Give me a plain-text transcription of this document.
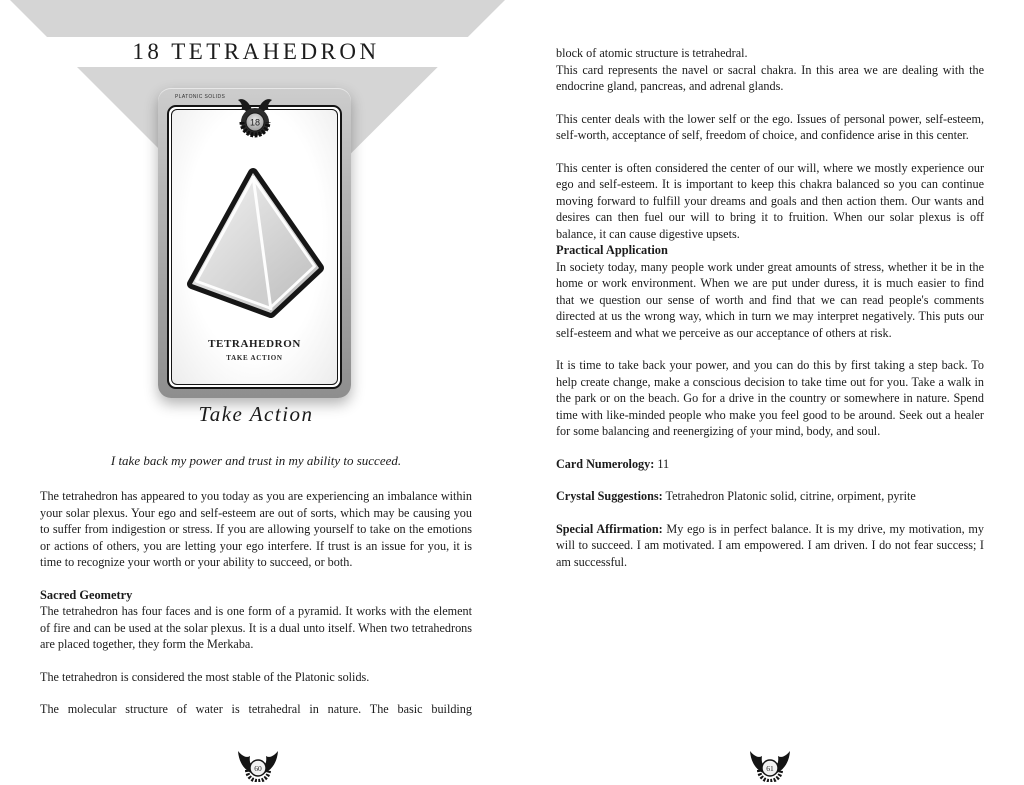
18 TETRAHEDRON
PLATONIC SOLIDS
TETRAHEDRON
TAKE ACTION
18
Take Action

I take back my power and trust in my ability to succeed.

The tetrahedron has appeared to you today as you are experiencing an imbalance within your solar plexus. Your ego and self-esteem are out of sorts, which may be causing you to suffer from indigestion or stress. If you are allowing yourself to take on the emotions or actions of others, you are letting your ego interfere. If trust is an issue for you, it is time to recognize your worth or your ability to succeed, or both.

Sacred Geometry

The tetrahedron has four faces and is one form of a pyramid. It works with the element of fire and can be used at the solar plexus. It is a dual unto itself. When two tetrahedrons are placed together, they form the Merkaba.

The tetrahedron is considered the most stable of the Platonic solids.

The molecular structure of water is tetrahedral in nature. The basic building

60

block of atomic structure is tetrahedral.

This card represents the navel or sacral chakra. In this area we are dealing with the endocrine gland, pancreas, and adrenal glands.

This center deals with the lower self or the ego. Issues of personal power, self-esteem, self-worth, acceptance of self, freedom of choice, and confidence arise in this center.

This center is often considered the center of our will, where we mostly experience our ego and self-esteem. It is important to keep this chakra balanced so you can continue moving forward to fulfill your dreams and goals and then action them. Our wants and desires can then fuel our will to bring it to fruition. When our solar plexus is off balance, it can cause digestive upsets.

Practical Application

In society today, many people work under great amounts of stress, whether it be in the home or work environment. When we are put under duress, it is much easier to find that we question our sense of worth and find that we can read people's comments directed at us the wrong way, which in turn we may interpret negatively. This puts our self-esteem and what we perceive as our acceptance of others at risk.

It is time to take back your power, and you can do this by first taking a step back. To help create change, make a conscious decision to take time out for you. Take a walk in the park or on the beach. Go for a drive in the country or somewhere in nature. Spend time with like-minded people who make you feel good to be around. Seek out a healer for some balancing and reenergizing of your mind, body, and soul.

Card Numerology: 11

Crystal Suggestions: Tetrahedron Platonic solid, citrine, orpiment, pyrite

Special Affirmation: My ego is in perfect balance. It is my drive, my motivation, my will to succeed. I am motivated. I am empowered. I am driven. I do not fear success; I am successful.

61
